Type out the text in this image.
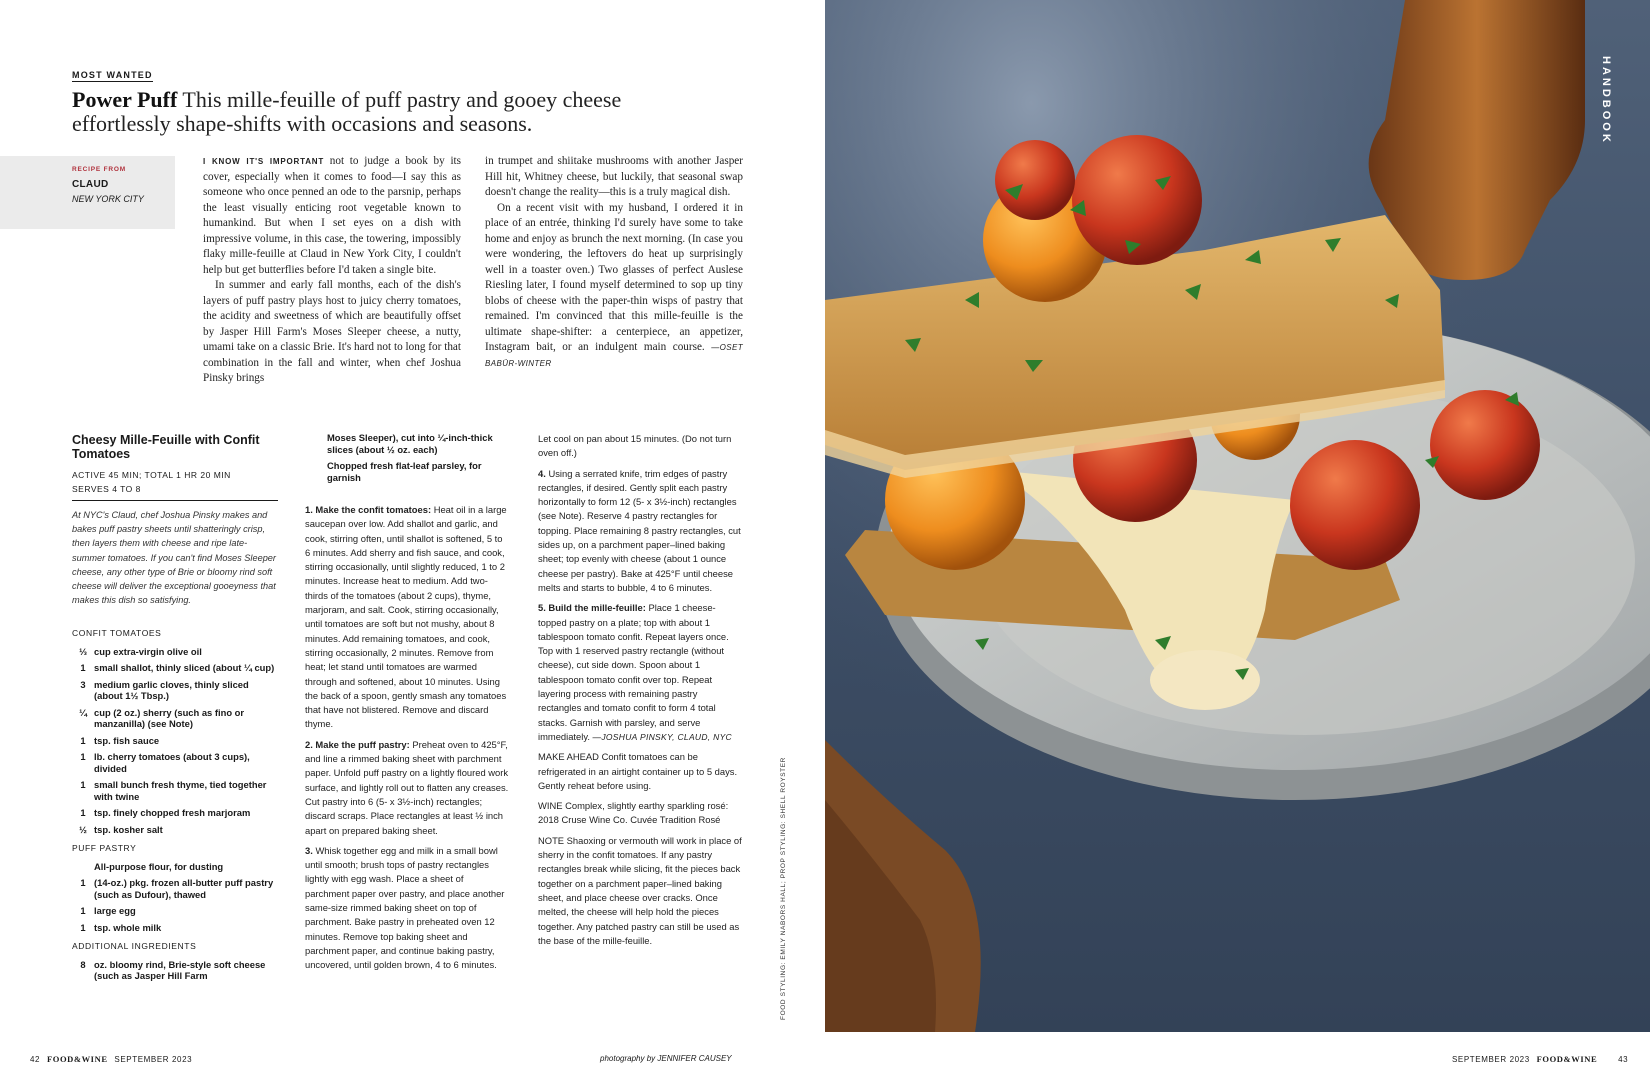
MOST WANTED
Power Puff This mille-feuille of puff pastry and gooey cheese effortlessly shape-shifts with occasions and seasons.
RECIPE FROM
CLAUD
NEW YORK CITY

I KNOW IT'S IMPORTANT not to judge a book by its cover, especially when it comes to food—I say this as someone who once penned an ode to the parsnip, perhaps the least visually enticing root vegetable known to humankind. But when I set eyes on a dish with impressive volume, in this case, the towering, impossibly flaky mille-feuille at Claud in New York City, I couldn't help but get butterflies before I'd taken a single bite.

In summer and early fall months, each of the dish's layers of puff pastry plays host to juicy cherry tomatoes, the acidity and sweetness of which are beautifully offset by Jasper Hill Farm's Moses Sleeper cheese, a nutty, umami take on a classic Brie. It's hard not to long for that combination in the fall and winter, when chef Joshua Pinsky brings

in trumpet and shiitake mushrooms with another Jasper Hill hit, Whitney cheese, but luckily, that seasonal swap doesn't change the reality—this is a truly magical dish.

On a recent visit with my husband, I ordered it in place of an entrée, thinking I'd surely have some to take home and enjoy as brunch the next morning. (In case you were wondering, the leftovers do heat up surprisingly well in a toaster oven.) Two glasses of perfect Auslese Riesling later, I found myself determined to sop up tiny blobs of cheese with the paper-thin wisps of pastry that remained. I'm convinced that this mille-feuille is the ultimate shape-shifter: a centerpiece, an appetizer, Instagram bait, or an indulgent main course. —OSET BABÜR-WINTER

Cheesy Mille-Feuille with Confit Tomatoes
ACTIVE 45 MIN; TOTAL 1 HR 20 MIN
SERVES 4 TO 8
At NYC's Claud, chef Joshua Pinsky makes and bakes puff pastry sheets until shatteringly crisp, then layers them with cheese and ripe late-summer tomatoes. If you can't find Moses Sleeper cheese, any other type of Brie or bloomy rind soft cheese will deliver the exceptional gooeyness that makes this dish so satisfying.
CONFIT TOMATOES
⅓ cup extra-virgin olive oil
1 small shallot, thinly sliced (about ¼ cup)
3 medium garlic cloves, thinly sliced (about 1½ Tbsp.)
¼ cup (2 oz.) sherry (such as fino or manzanilla) (see Note)
1 tsp. fish sauce
1 lb. cherry tomatoes (about 3 cups), divided
1 small bunch fresh thyme, tied together with twine
1 tsp. finely chopped fresh marjoram
½ tsp. kosher salt
PUFF PASTRY
All-purpose flour, for dusting
1 (14-oz.) pkg. frozen all-butter puff pastry (such as Dufour), thawed
1 large egg
1 tsp. whole milk
ADDITIONAL INGREDIENTS
8 oz. bloomy rind, Brie-style soft cheese (such as Jasper Hill Farm
Moses Sleeper), cut into ¼-inch-thick slices (about ½ oz. each)
Chopped fresh flat-leaf parsley, for garnish

1. Make the confit tomatoes: Heat oil in a large saucepan over low. Add shallot and garlic, and cook, stirring often, until shallot is softened, 5 to 6 minutes. Add sherry and fish sauce, and cook, stirring occasionally, until slightly reduced, 1 to 2 minutes. Increase heat to medium. Add two-thirds of the tomatoes (about 2 cups), thyme, marjoram, and salt. Cook, stirring occasionally, until tomatoes are soft but not mushy, about 8 minutes. Add remaining tomatoes, and cook, stirring occasionally, 2 minutes. Remove from heat; let stand until tomatoes are warmed through and softened, about 10 minutes. Using the back of a spoon, gently smash any tomatoes that have not blistered. Remove and discard thyme.

2. Make the puff pastry: Preheat oven to 425°F, and line a rimmed baking sheet with parchment paper. Unfold puff pastry on a lightly floured work surface, and lightly roll out to flatten any creases. Cut pastry into 6 (5- x 3½-inch) rectangles; discard scraps. Place rectangles at least ½ inch apart on prepared baking sheet.

3. Whisk together egg and milk in a small bowl until smooth; brush tops of pastry rectangles lightly with egg wash. Place a sheet of parchment paper over pastry, and place another same-size rimmed baking sheet on top of parchment. Bake pastry in preheated oven 12 minutes. Remove top baking sheet and parchment paper, and continue baking pastry, uncovered, until golden brown, 4 to 6 minutes.

Let cool on pan about 15 minutes. (Do not turn oven off.)

4. Using a serrated knife, trim edges of pastry rectangles, if desired. Gently split each pastry horizontally to form 12 (5- x 3½-inch) rectangles (see Note). Reserve 4 pastry rectangles for topping. Place remaining 8 pastry rectangles, cut sides up, on a parchment paper–lined baking sheet; top evenly with cheese (about 1 ounce cheese per pastry). Bake at 425°F until cheese melts and starts to bubble, 4 to 6 minutes.

5. Build the mille-feuille: Place 1 cheese-topped pastry on a plate; top with about 1 tablespoon tomato confit. Repeat layers once. Top with 1 reserved pastry rectangle (without cheese), cut side down. Spoon about 1 tablespoon tomato confit over top. Repeat layering process with remaining pastry rectangles and tomato confit to form 4 total stacks. Garnish with parsley, and serve immediately. —JOSHUA PINSKY, CLAUD, NYC

MAKE AHEAD Confit tomatoes can be refrigerated in an airtight container up to 5 days. Gently reheat before using.

WINE Complex, slightly earthy sparkling rosé: 2018 Cruse Wine Co. Cuvée Tradition Rosé

NOTE Shaoxing or vermouth will work in place of sherry in the confit tomatoes. If any pastry rectangles break while slicing, fit the pieces back together on a parchment paper–lined baking sheet, and place cheese over cracks. Once melted, the cheese will help hold the pieces together. Any patched pastry can still be used as the base of the mille-feuille.	FOOD STYLING: EMILY NABORS HALL; PROP STYLING: SHELL ROYSTER
42 FOOD&WINE SEPTEMBER 2023	photography by JENNIFER CAUSEY	SEPTEMBER 2023 FOOD&WINE	43
HANDBOOK
